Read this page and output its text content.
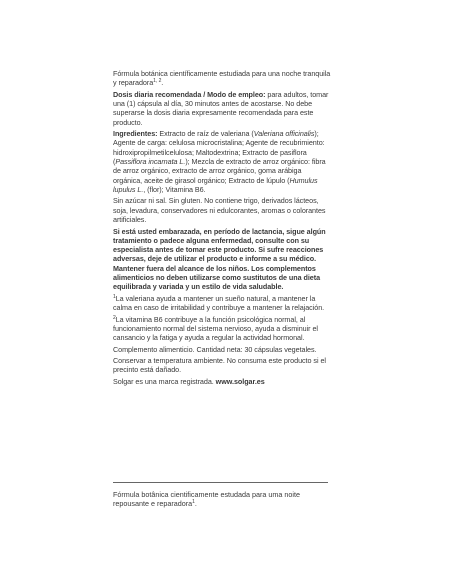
Fórmula botánica científicamente estudiada para una noche tranquila y reparadora$^{1, 2}$.

Dosis diaria recomendada / Modo de empleo: para adultos, tomar una (1) cápsula al día, 30 minutos antes de acostarse. No debe superarse la dosis diaria expresamente recomendada para este producto.

Ingredientes: Extracto de raíz de valeriana (Valeriana officinalis); Agente de carga: celulosa microcristalina; Agente de recubrimiento: hidroxipropilmetilcelulosa; Maltodextrina; Extracto de pasiflora (Passiflora incarnata L.); Mezcla de extracto de arroz orgánico: fibra de arroz orgánico, extracto de arroz orgánico, goma arábiga orgánica, aceite de girasol orgánico; Extracto de lúpulo (Humulus lupulus L., (flor); Vitamina B6.

Sin azúcar ni sal. Sin gluten. No contiene trigo, derivados lácteos, soja, levadura, conservadores ni edulcorantes, aromas o colorantes artificiales.

Si está usted embarazada, en período de lactancia, sigue algún tratamiento o padece alguna enfermedad, consulte con su especialista antes de tomar este producto. Si sufre reacciones adversas, deje de utilizar el producto e informe a su médico. Mantener fuera del alcance de los niños. Los complementos alimenticios no deben utilizarse como sustitutos de una dieta equilibrada y variada y un estilo de vida saludable.

$^1$La valeriana ayuda a mantener un sueño natural, a mantener la calma en caso de irritabilidad y contribuye a mantener la relajación.

$^2$La vitamina B6 contribuye a la función psicológica normal, al funcionamiento normal del sistema nervioso, ayuda a disminuir el cansancio y la fatiga y ayuda a regular la actividad hormonal.

Complemento alimenticio. Cantidad neta: 30 cápsulas vegetales.

Conservar a temperatura ambiente. No consuma este producto si el precinto está dañado.

Solgar es una marca registrada. www.solgar.es

Fórmula botânica cientificamente estudada para uma noite repousante e reparadora$^1$.
